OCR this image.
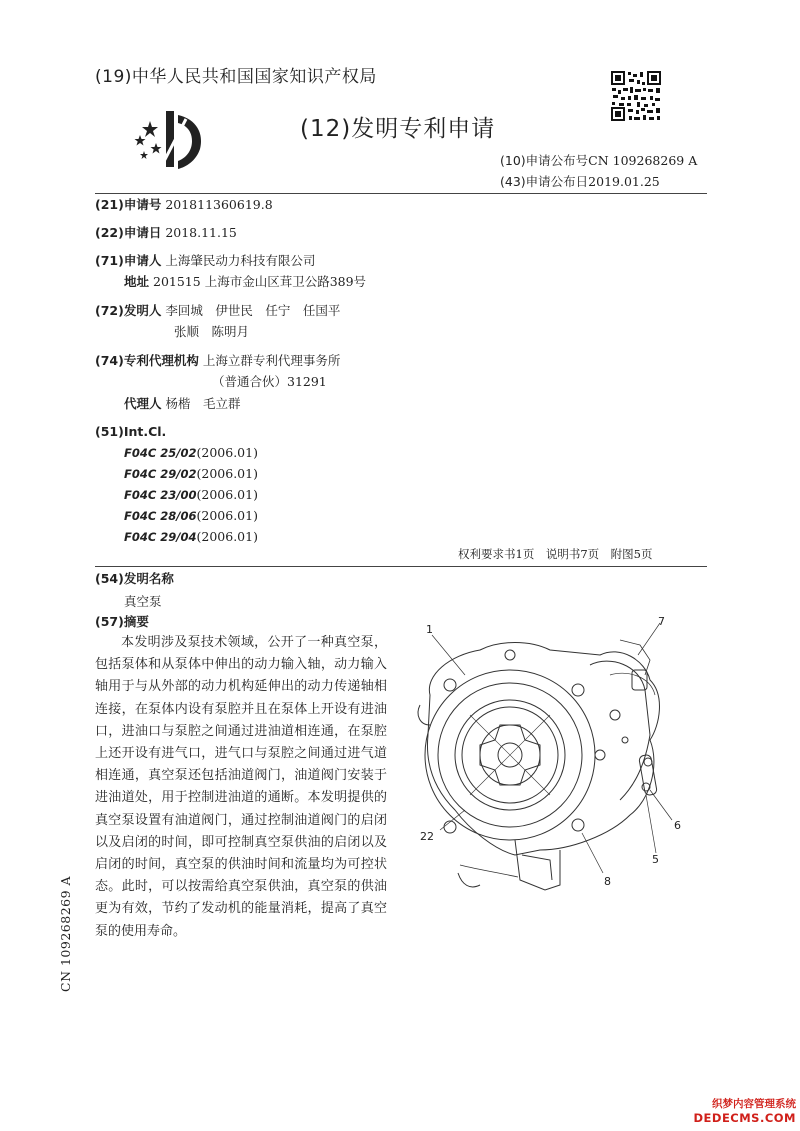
(19)中华人民共和国国家知识产权局
(12)发明专利申请
(10)申请公布号CN 109268269 A
(43)申请公布日2019.01.25
(21)申请号 201811360619.8
(22)申请日 2018.11.15
(71)申请人 上海肇民动力科技有限公司
地址 201515 上海市金山区茸卫公路389号
(72)发明人 李回城　伊世民　任宁　任国平
张顺　陈明月
(74)专利代理机构 上海立群专利代理事务所
（普通合伙）31291
代理人 杨楷　毛立群
(51)Int.Cl.
F04C 25/02(2006.01)
F04C 29/02(2006.01)
F04C 23/00(2006.01)
F04C 28/06(2006.01)
F04C 29/04(2006.01)
权利要求书1页　说明书7页　附图5页
(54)发明名称
真空泵
(57)摘要
本发明涉及泵技术领域，公开了一种真空泵，包括泵体和从泵体中伸出的动力输入轴，动力输入轴用于与从外部的动力机构延伸出的动力传递轴相连接，在泵体内设有泵腔并且在泵体上开设有进油口，进油口与泵腔之间通过进油道相连通，在泵腔上还开设有进气口，进气口与泵腔之间通过进气道相连通，真空泵还包括油道阀门，油道阀门安装于进油道处，用于控制进油道的通断。本发明提供的真空泵设置有油道阀门，通过控制油道阀门的启闭以及启闭的时间，即可控制真空泵供油的启闭以及启闭的时间，真空泵的供油时间和流量均为可控状态。此时，可以按需给真空泵供油，真空泵的供油更为有效，节约了发动机的能量消耗，提高了真空泵的使用寿命。
1
7
22
6
5
8
CN 109268269 A
织梦内容管理系统
DEDECMS.COM
